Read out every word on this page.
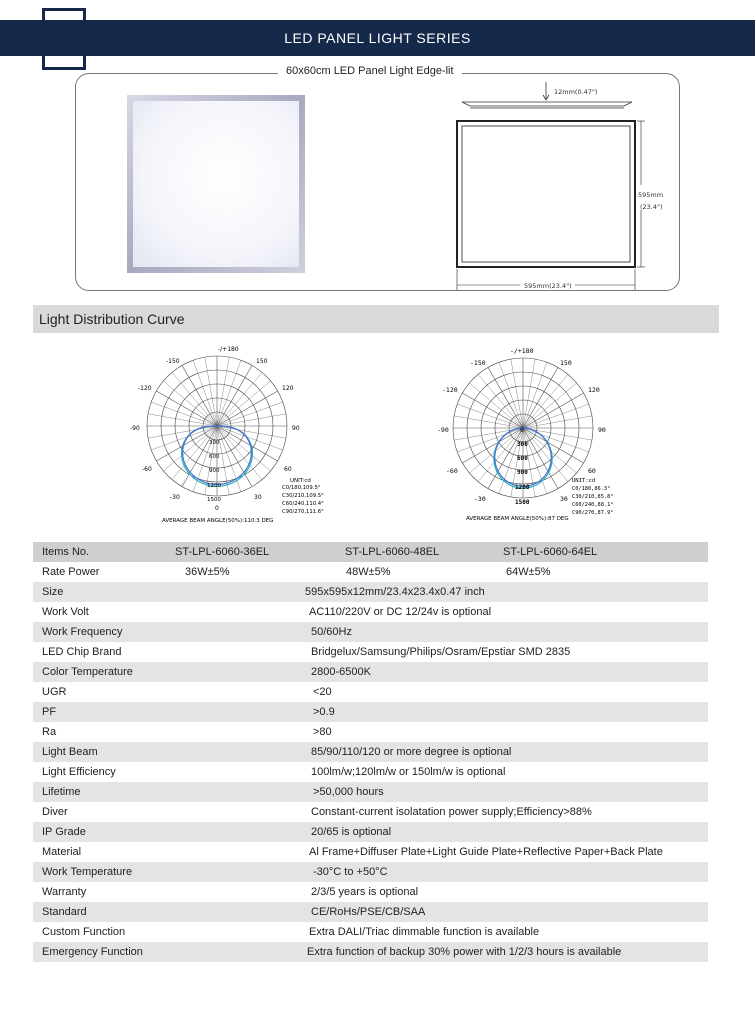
LED PANEL LIGHT SERIES
60x60cm LED Panel Light Edge-lit
12mm(0.47")
595mm
(23.4")
595mm(23.4")
Light Distribution Curve
-/+180
-150	150
-120	120
-90	90
-60	60
-30	30
0
300
600
900
1200
1500
UNIT:cd
C0/180,109.5°
C30/210,109.5°
C60/240,110.4°
C90/270,111.6°
AVERAGE BEAM ANGLE(50%):110.3 DEG
-/+180
-150	150
-120	120
-90	90
-60	60
-30	30
0
300
600
900
1200
1500
UNIT:cd
C0/180,86.3°
C30/210,85.8°
C60/240,88.1°
C90/270,87.9°
AVERAGE BEAM ANGLE(50%):87 DEG
Items No.	ST-LPL-6060-36EL	ST-LPL-6060-48EL	ST-LPL-6060-64EL
Rate Power	36W±5%	48W±5%	64W±5%
Size	595x595x12mm/23.4x23.4x0.47 inch
Work Volt	AC110/220V or DC 12/24v is optional
Work Frequency	50/60Hz
LED Chip Brand	Bridgelux/Samsung/Philips/Osram/Epstiar SMD 2835
Color Temperature	2800-6500K
UGR	<20
PF	>0.9
Ra	>80
Light Beam	85/90/110/120 or more degree is optional
Light Efficiency	100lm/w;120lm/w or 150lm/w is optional
Lifetime	>50,000 hours
Diver	Constant-current isolatation power supply;Efficiency>88%
IP Grade	20/65 is optional
Material	Al Frame+Diffuser Plate+Light Guide Plate+Reflective Paper+Back Plate
Work Temperature	-30°C to +50°C
Warranty	2/3/5 years is optional
Standard	CE/RoHs/PSE/CB/SAA
Custom Function	Extra DALI/Triac dimmable function is available
Emergency Function	Extra function of backup 30% power with 1/2/3 hours is available
